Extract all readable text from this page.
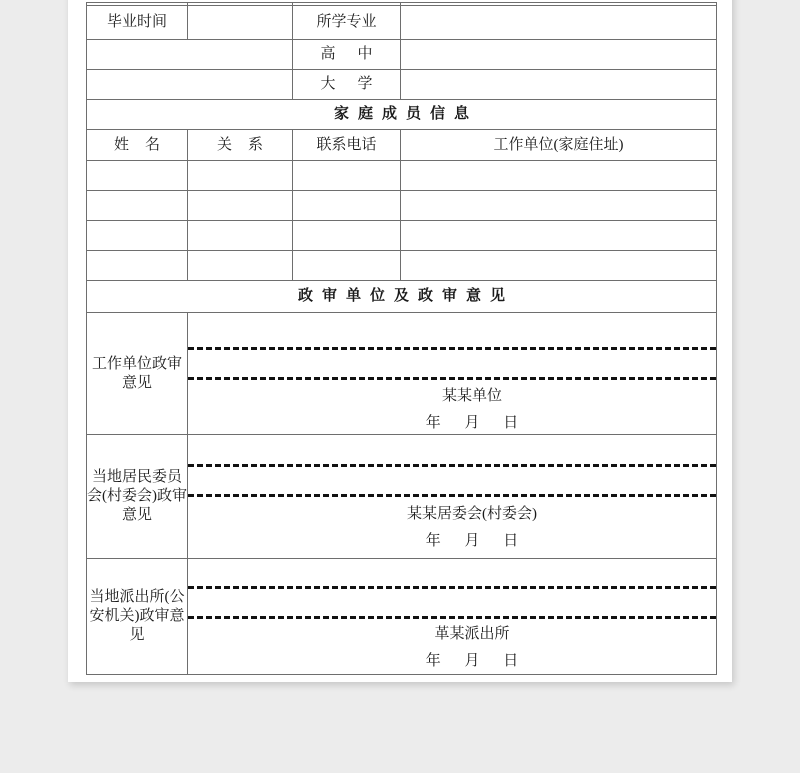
毕业时间		所学专业	
		高中	
		大学	
家庭成员信息			
姓名	关系	联系电话	工作单位(家庭住址)

政审单位及政审意见			
工作单位政审意见	某某单位
年 月 日		

当地居民委员会(村委会)政审意见	某某居委会(村委会)
年 月 日		

当地派出所(公安机关)政审意见	革某派出所
年 月 日		
